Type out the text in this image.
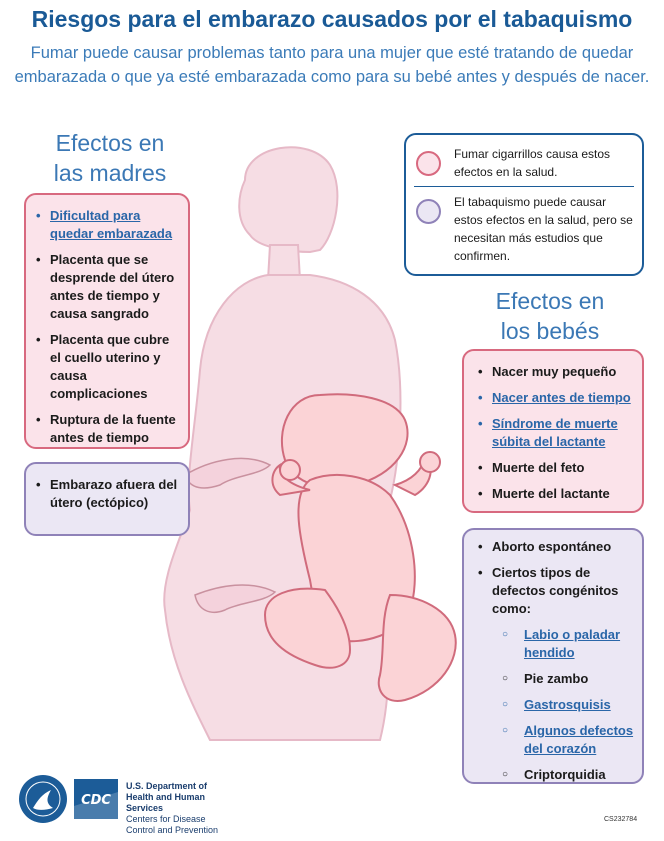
Riesgos para el embarazo causados por el tabaquismo
Fumar puede causar problemas tanto para una mujer que esté tratando de quedar embarazada o que ya esté embarazada como para su bebé antes y después de nacer.
Efectos en
las madres
• Dificultad para quedar embarazada
• Placenta que se desprende del útero antes de tiempo y causa sangrado
• Placenta que cubre el cuello uterino y causa complicaciones
• Ruptura de la fuente antes de tiempo
• Embarazo afuera del útero (ectópico)
Fumar cigarrillos causa estos efectos en la salud.
El tabaquismo puede causar estos efectos en la salud, pero se necesitan más estudios que confirmen.
Efectos en
los bebés
• Nacer muy pequeño
• Nacer antes de tiempo
• Síndrome de muerte súbita del lactante
• Muerte del feto
• Muerte del lactante
• Aborto espontáneo
• Ciertos tipos de defectos congénitos como:
○ Labio o paladar hendido
○ Pie zambo
○ Gastrosquisis
○ Algunos defectos del corazón
○ Criptorquidia
CDC
U.S. Department of
Health and Human Services
Centers for Disease
Control and Prevention
CS232784
